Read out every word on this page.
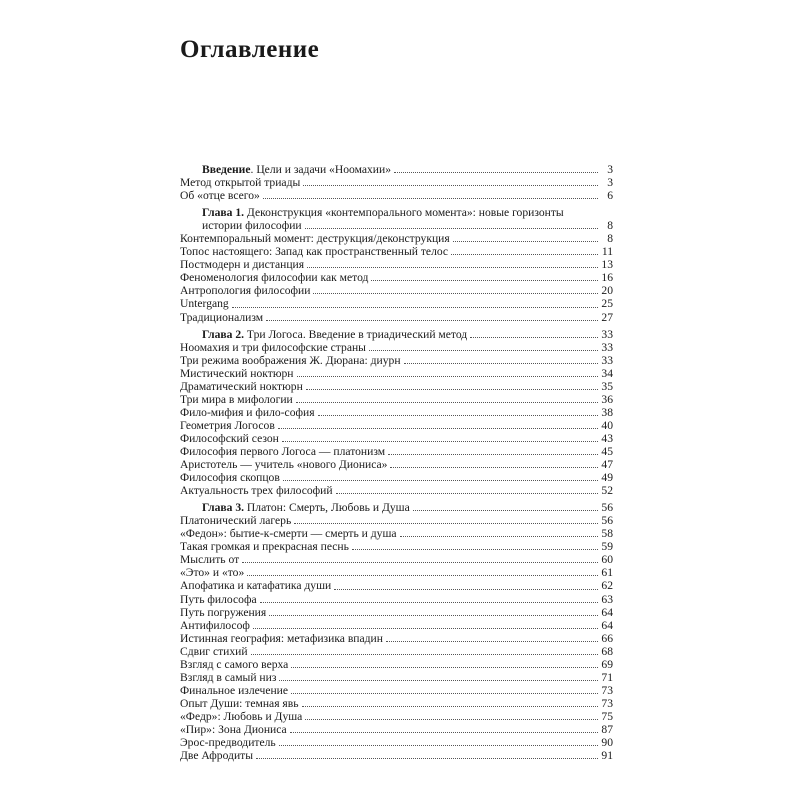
Оглавление
Введение. Цели и задачи «Ноомахии»	3
Метод открытой триады	3
Об «отце всего»	6
Глава 1. Деконструкция «контемпорального момента»: новые горизонты
истории философии	8
Контемпоральный момент: деструкция/деконструкция	8
Топос настоящего: Запад как пространственный телос	11
Постмодерн и дистанция	13
Феноменология философии как метод	16
Антропология философии	20
Untergang	25
Традиционализм	27
Глава 2. Три Логоса. Введение в триадический метод	33
Ноомахия и три философские страны	33
Три режима воображения Ж. Дюрана: диурн	33
Мистический ноктюрн	34
Драматический ноктюрн	35
Три мира в мифологии	36
Фило-мифия и фило-софия	38
Геометрия Логосов	40
Философский сезон	43
Философия первого Логоса — платонизм	45
Аристотель — учитель «нового Диониса»	47
Философия скопцов	49
Актуальность трех философий	52
Глава 3. Платон: Смерть, Любовь и Душа	56
Платонический лагерь	56
«Федон»: бытие-к-смерти — смерть и душа	58
Такая громкая и прекрасная песнь	59
Мыслить от	60
«Это» и «то»	61
Апофатика и катафатика души	62
Путь философа	63
Путь погружения	64
Антифилософ	64
Истинная география: метафизика впадин	66
Сдвиг стихий	68
Взгляд с самого верха	69
Взгляд в самый низ	71
Финальное излечение	73
Опыт Души: темная явь	73
«Федр»: Любовь и Душа	75
«Пир»: Зона Диониса	87
Эрос-предводитель	90
Две Афродиты	91
